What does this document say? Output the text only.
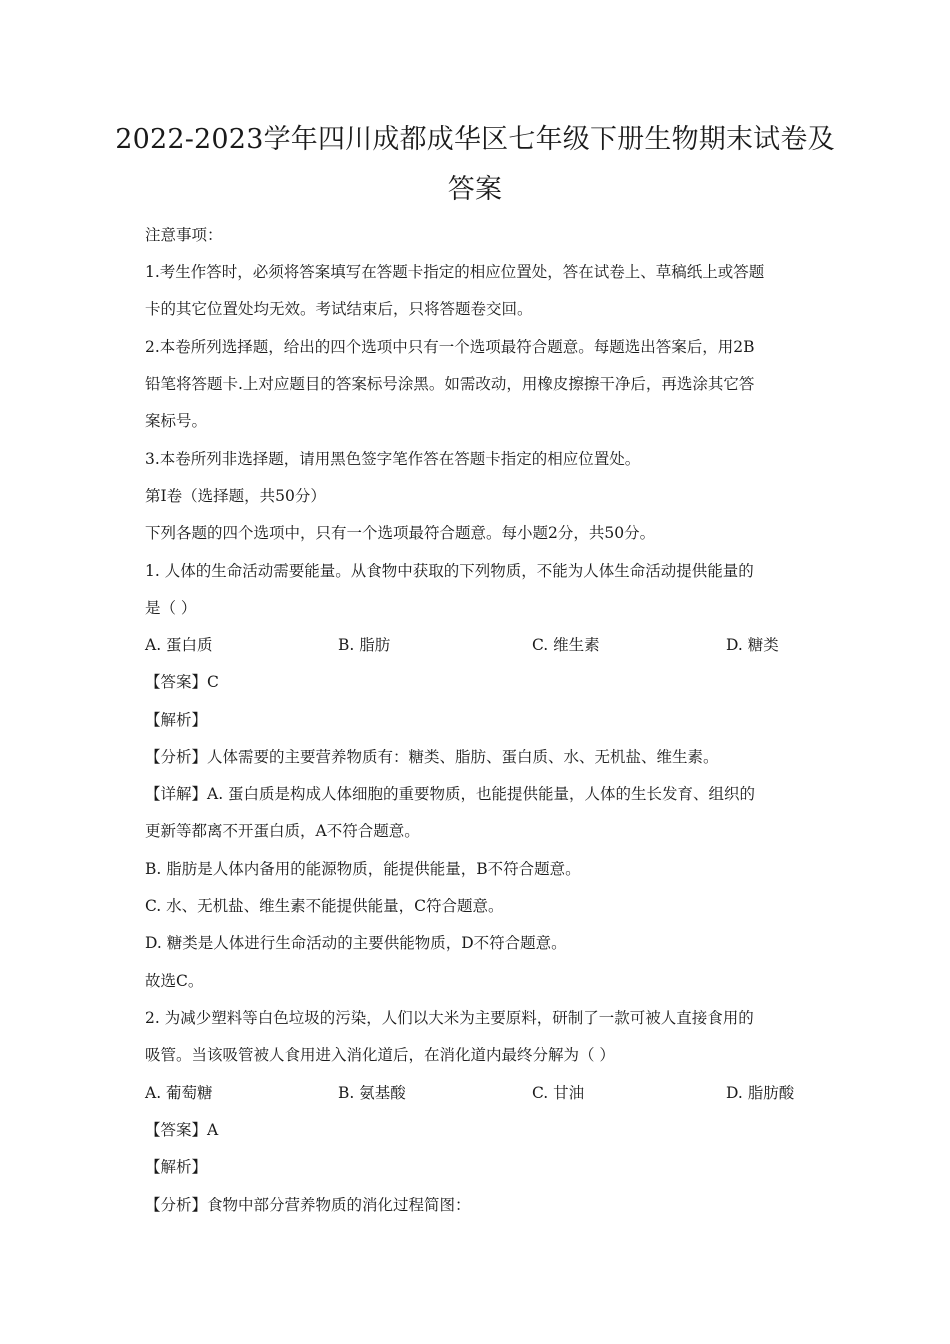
2022-2023学年四川成都成华区七年级下册生物期末试卷及
答案
注意事项：
1.考生作答时，必须将答案填写在答题卡指定的相应位置处，答在试卷上、草稿纸上或答题
卡的其它位置处均无效。考试结束后，只将答题卷交回。
2.本卷所列选择题，给出的四个选项中只有一个选项最符合题意。每题选出答案后，用2B
铅笔将答题卡.上对应题目的答案标号涂黑。如需改动，用橡皮擦擦干净后，再选涂其它答
案标号。
3.本卷所列非选择题，请用黑色签字笔作答在答题卡指定的相应位置处。
第Ⅰ卷（选择题，共50分）
下列各题的四个选项中，只有一个选项最符合题意。每小题2分，共50分。
1. 人体的生命活动需要能量。从食物中获取的下列物质，不能为人体生命活动提供能量的
是（ ）
A. 蛋白质	B. 脂肪	C. 维生素	D. 糖类
【答案】C
【解析】
【分析】人体需要的主要营养物质有：糖类、脂肪、蛋白质、水、无机盐、维生素。
【详解】A. 蛋白质是构成人体细胞的重要物质，也能提供能量，人体的生长发育、组织的
更新等都离不开蛋白质，A不符合题意。
B. 脂肪是人体内备用的能源物质，能提供能量，B不符合题意。
C. 水、无机盐、维生素不能提供能量，C符合题意。
D. 糖类是人体进行生命活动的主要供能物质，D不符合题意。
故选C。
2. 为减少塑料等白色垃圾的污染，人们以大米为主要原料，研制了一款可被人直接食用的
吸管。当该吸管被人食用进入消化道后，在消化道内最终分解为（ ）
A. 葡萄糖	B. 氨基酸	C. 甘油	D. 脂肪酸
【答案】A
【解析】
【分析】食物中部分营养物质的消化过程简图：
